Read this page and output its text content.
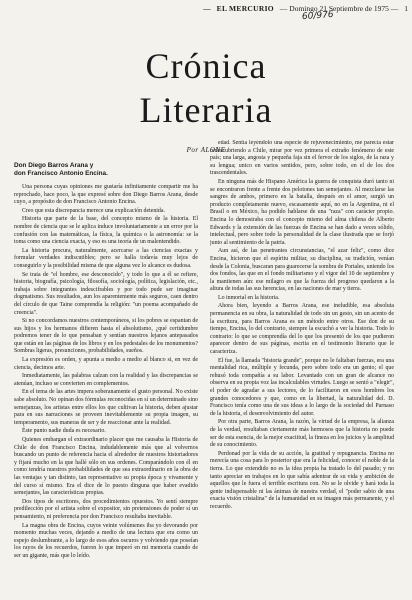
— EL MERCURIO — Domingo 21 Septiembre de 1975 — 1
60/976
Crónica
Literaria
Por ALONE
Don Diego Barros Arana y
don Francisco Antonio Encina.

Una persona cuyas opiniones me gustaría infinitamente compartir me ha reprochado, hace poco, la que expresé sobre don Diego Barros Arana, desde cuyo, a propósito de don Francisco Antonio Encina.

Creo que esta discrepancia merece una explicación detenida.

Historia que parte de la base, del concepto mismo de la historia. El nombre de ciencia que se le aplica induce involuntariamente a un error por la confusión con las matemáticas, la física, la química o la astronomía: se la toma como una ciencia exacta, y eso es una teoría de un malentendido.

La historia procura, naturalmente, acercarse a las ciencias exactas y formular verdades indiscutibles; pero se halla todavía muy lejos de conseguirlo y la posibilidad misma de que alguna vez lo alcance es dudosa.

Se trata de "el hombre, ese desconocido", y todo lo que a él se refiere, historia, biografía, psicología, filosofía, sociología, política, legislación, etc., trabaja sobre integrantes indescifrables y por todo pude ser imaginar dogmatismo. Sus resultados, aun los aparentemente más seguros, caen dentro del círculo de que Taine comprendía la religión: "un poema acompañado de creencia".

Si no concordamos nuestros contemporáneos, si los pobres se espantan de sus hijos y los hermanos difieren hasta el absolutismo, ¿qué certidumbre podremos tener de lo que pensaban y sentían nuestros lejanos antepasados que están en las páginas de los libros y en los pedestales de los monumentos? Sombras ligeras, presunciones, probabilidades, sueños.

La expresión es orden, y apunta a medio a medio al blanco si, en vez de ciencia, decimos arte.

Inmediatamente, las palabras calzan con la realidad y las discrepancias se atenúan, incluso se convierten en complementos.

En el tema de las artes impera soberanamente el gusto personal. No existe sabe absoluto. No opinan dos fórmulas reconocidas en sí un determinado sino semejanzas, los artistas entre ellos los que cultivan la historia, deben ajustar para en sus narraciones se proveen inevitablemente su propia imagen, su temperamento, sus maneras de ser y de reaccionar ante la realidad.

Éste punto nadie duda es necesario.

Quienes embargan el extraordinario placer que me causaba la Historia de Chile de don Francisco Encina, indudablemente más que al volvernos buscando un punto de referencia hacia el alrededor de nuestros historiadores y fijará mucho en la que hallé sólo en sus ordenes. Comparándolo con él en como tendría nuestros probabilidades de que sea extraordinario en la obra de las ventajas y tan distinto, tan representativo su propia época y vivamente y del curso sí mismo. Era el dice de lo puesto dinguna que haber evadido semejantes, las características propias.

Dos tipos de escritores, dos procedimientos opuestos. Yo sentí siempre predilección por el artista sobre el expositor, sin pretensiones de poder sí un pensamiento, ni preferencia por don Francisco resultaba inevitable.

La magna obra de Encina, cuyos veinte volúmenes iba yo devorando por momento muchas veces, dejando a medio de una lectura que era como un espejo deslumbrante, a lo largo de esos años oscuros y volviendo que poseían los rayos de los recuerdos, fueron lo que imperó en mi memoria cuando de ser un gigante, más que lo leído.

edad. Sentía leyéndolo una especie de rejuvenecimiento, me parecía estar redescubriendo a Chile, mirar por vez primera el extraño fenómeno de este país; una larga, angosta y pequeña faja sin el fervor de los siglos, de la raza y su lengua; unico en varios sentidos, pero, sobre todo, en el de los dos trascendentales.

En ninguna más de Hispano América la guerra de conquista duró tanto ni se encontraron frente a frente dos pelotones tan semejantes. Al mezclarse las sangres de ambos, primero en la batalla, después en el amor, surgió un producto completamente nuevo, escasamente aquí, no en la Argentina, ni el Brasil o en México, ha podido hablarse de una "raza" con carácter propio. Encina lo demostraba con el concepto mismo del alma chilena de Alberto Edwards y la extensión de las fuerzas de Encina se han dado a veces sólido, intelectual, pero sobre todo la personalidad de la clase ilustrada que se forjó junto al sentimiento de la patria.

Aun así, de las penetrantes circunstancias, "el azar feliz", como dice Encina, hicieron que el espíritu militar, su disciplina, su tradición, venían desde la Colonia, buscaran para guarecerse la sombra de Portales, uniendo los dos fondos, las que en el fondo militarismo y el vigor del 10 de septiembre y la mantienen aún: ese milagro es que la fuerza del progreso quedaron a la altura de todas las sus herencias, en las naciones de mar y tierra.

Lo inmortal en la historia.

Ahora bien, leyendo a Barros Arana, ese ineludible, esa absoluta permanencia en su obra, la naturalidad de todo sin un gesto, sin un acento de la escritura, para Barros Arana es un método entre otros. Ese don de su tiempo, Encina, lo del contrario, siempre la escuchó a ver la historia. Todo lo contrario: lo que se comprendía del lo que los presentó de los que pudieron aparecer dentro de sus páginas, escrita en el testimonio literario que le caracteriza.

El fue, la llamada "historia grande", porque no le faltaban fuerzas, era una mentalidad rica, múltiple y fecunda, pero sobre todo era un genio; el que rehusó toda compañía a su labor. Levantado con un gran de alcance no observa en su propia voz las incalculables virtudes. Luego se sentó a "elegir", el poder de agradar a sus lectores, de lo facilitaron en esos hombres los grandes conocedores y que, como en la libertad, la naturalidad del. D. Francisco tenía como una de sus ideas a lo largo de la sociedad del Parnaso de la historia, el desenvolvimiento del autor.

Por otra parte, Barros Arana, la razón, la virtud de la empresa, la alianza de la verdad, resultaban ciertamente más hermosos que la historia no puede ser de esta esencia, de la mejor exactitud, la fineza en los juicios y la amplitud de su conocimiento.

Perdonad por la vida de su acción, la gratitud y repugnancia. Encina no merecía una cosa para lo posterior que era la felicidad, conocer el noble de la tierra. Lo que extendido no es la idea propia ha tratado lo del pasado; y no tanto apreciar en trabajos en lo que sabía adentrar de su vida y ambición de aquellos que le fuera el terrible escritura con. No se le olvide y hará toda la gente indispensable ni las ánimas de nuestra verdad, el "poder sabio de una exacta visión cristalina" de la humanidad en su imagen más permanente, y el recuerdo.
